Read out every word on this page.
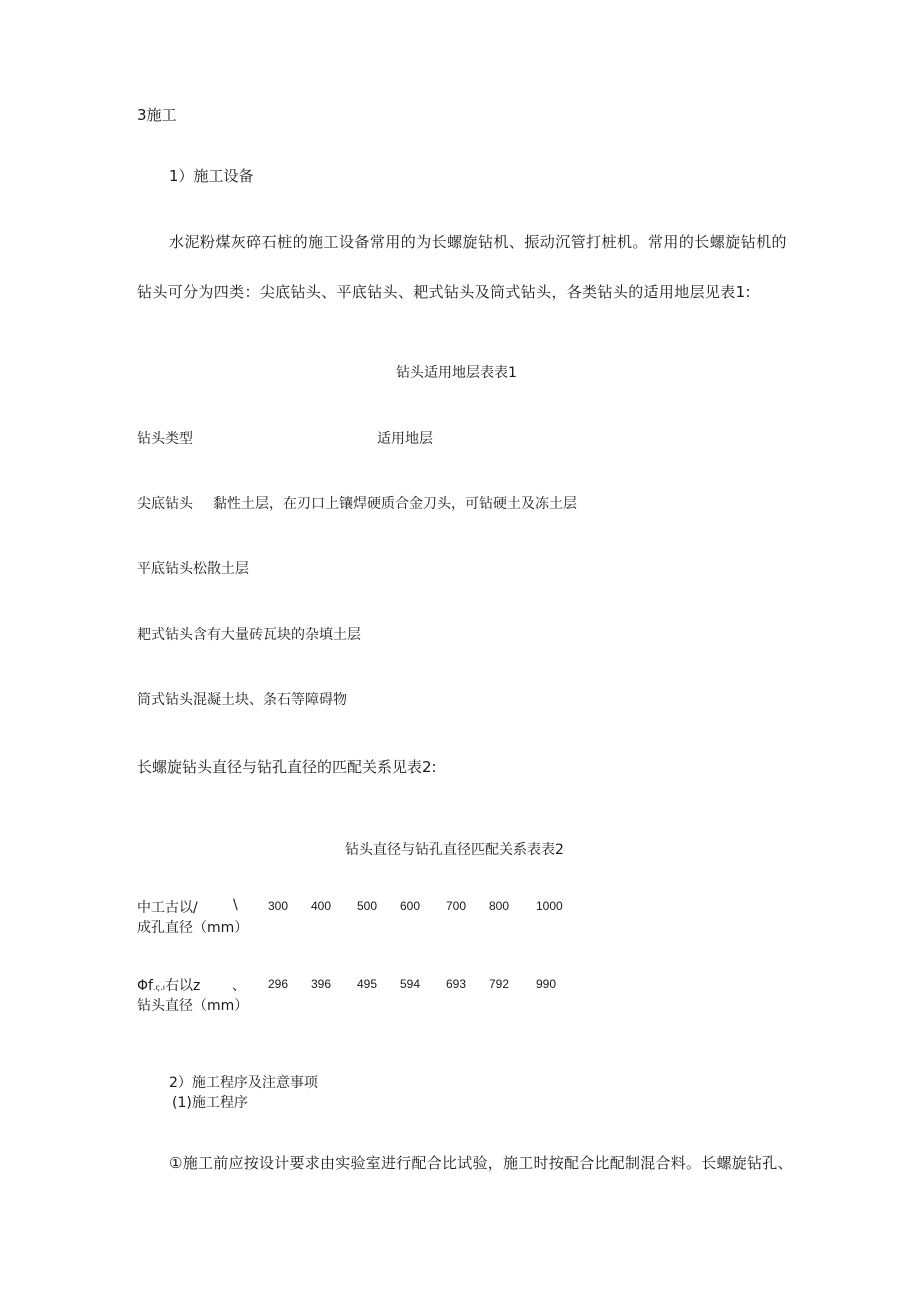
3施工
1）施工设备
水泥粉煤灰碎石桩的施工设备常用的为长螺旋钻机、振动沉管打桩机。常用的长螺旋钻机的
钻头可分为四类：尖底钻头、平底钻头、耙式钻头及筒式钻头，各类钻头的适用地层见表1:
钻头适用地层表表1
钻头类型	适用地层
尖底钻头 黏性土层，在刃口上镶焊硬质合金刀头，可钻硬土及冻土层
平底钻头松散土层
耙式钻头含有大量砖瓦块的杂填土层
筒式钻头混凝土块、条石等障碍物
长螺旋钻头直径与钻孔直径的匹配关系见表2:
钻头直径与钻孔直径匹配关系表表2
中工古以/	\
成孔直径（mm）
300 400 500 600 700 800 1000
Φf.ς.ı右以z 、
钻头直径（mm）
296 396 495 594 693 792 990
2）施工程序及注意事项
(1)施工程序
①施工前应按设计要求由实验室进行配合比试验，施工时按配合比配制混合料。长螺旋钻孔、
